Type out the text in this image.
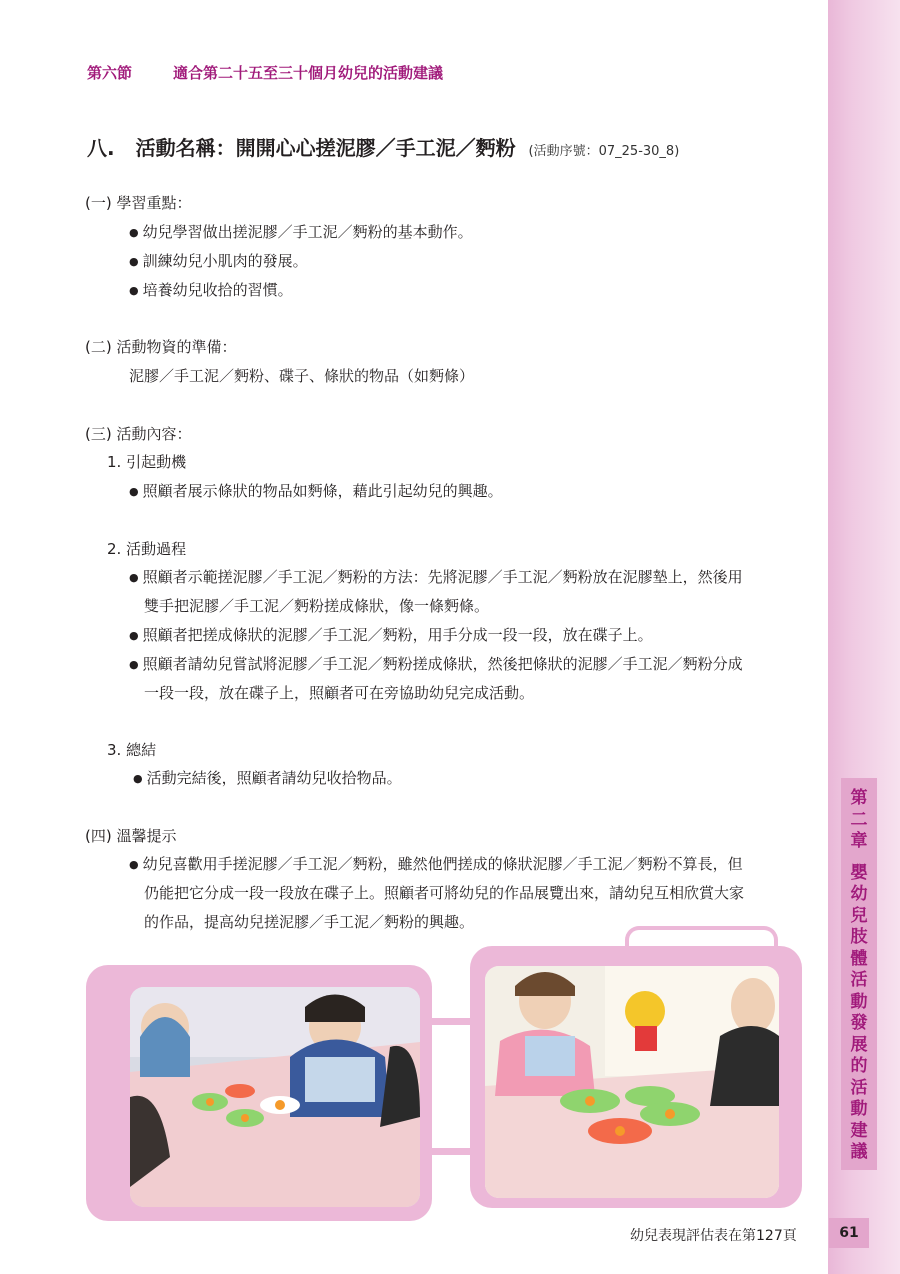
第
二
章

嬰
幼
兒
肢
體
活
動
發
展
的
活
動
建
議
第六節	適合第二十五至三十個月幼兒的活動建議
八. 活動名稱：開開心心搓泥膠／手工泥／麪粉 (活動序號：07_25-30_8)
(一) 學習重點：
● 幼兒學習做出搓泥膠／手工泥／麪粉的基本動作。
● 訓練幼兒小肌肉的發展。
● 培養幼兒收拾的習慣。
(二) 活動物資的準備：
泥膠／手工泥／麪粉、碟子、條狀的物品（如麪條）
(三) 活動內容：
1. 引起動機
● 照顧者展示條狀的物品如麪條，藉此引起幼兒的興趣。
2. 活動過程
● 照顧者示範搓泥膠／手工泥／麪粉的方法：先將泥膠／手工泥／麪粉放在泥膠墊上，然後用
雙手把泥膠／手工泥／麪粉搓成條狀，像一條麪條。
● 照顧者把搓成條狀的泥膠／手工泥／麪粉，用手分成一段一段，放在碟子上。
● 照顧者請幼兒嘗試將泥膠／手工泥／麪粉搓成條狀，然後把條狀的泥膠／手工泥／麪粉分成
一段一段，放在碟子上，照顧者可在旁協助幼兒完成活動。
3. 總結
● 活動完結後，照顧者請幼兒收拾物品。
(四) 溫馨提示
● 幼兒喜歡用手搓泥膠／手工泥／麪粉，雖然他們搓成的條狀泥膠／手工泥／麪粉不算長，但
仍能把它分成一段一段放在碟子上。照顧者可將幼兒的作品展覽出來，請幼兒互相欣賞大家
的作品，提高幼兒搓泥膠／手工泥／麪粉的興趣。
幼兒表現評估表在第127頁	61
